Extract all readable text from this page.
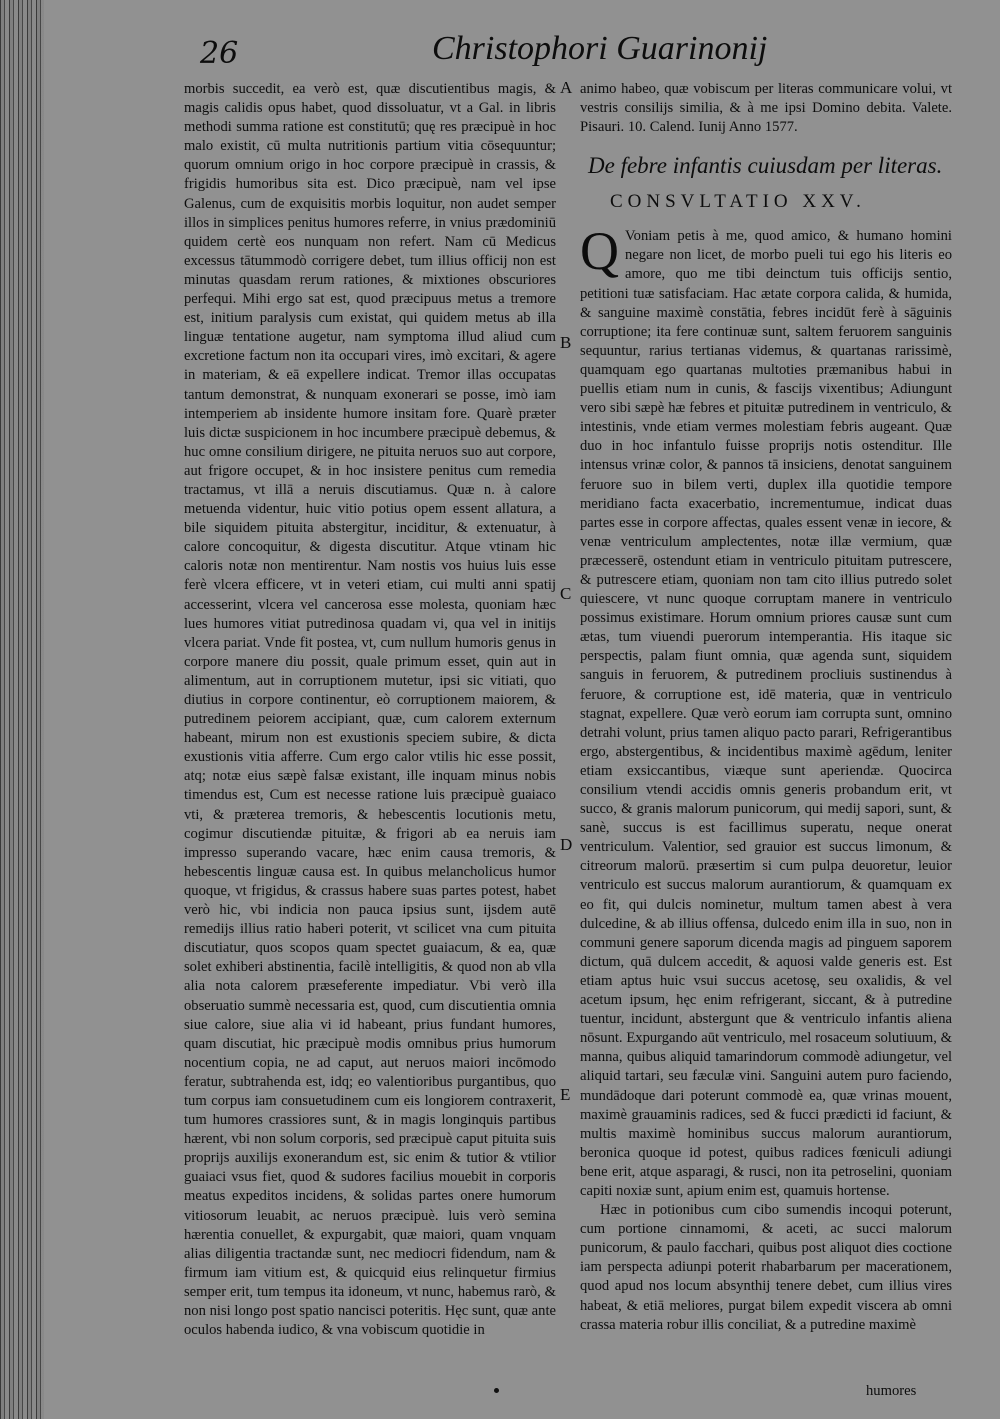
26	Christophori Guarinonij
morbis succedit, ea verò est, quæ discutientibus magis, & magis calidis opus habet, quod dissoluatur, vt a Gal. in libris methodi summa ratione est constitutū; quę res præcipuè in hoc malo existit, cū multa nutritionis partium vitia cōsequuntur; quorum omnium origo in hoc corpore præcipuè in crassis, & frigidis humoribus sita est. Dico præcipuè, nam vel ipse Galenus, cum de exquisitis morbis loquitur, non audet semper illos in simplices penitus humores referre, in vnius prædominiū quidem certè eos nunquam non refert. Nam cū Medicus excessus tātummodò corrigere debet, tum illius officij non est minutas quasdam rerum rationes, & mixtiones obscuriores perfequi. Mihi ergo sat est, quod præcipuus metus a tremore est, initium paralysis cum existat, qui quidem metus ab illa linguæ tentatione augetur, nam symptoma illud aliud cum excretione factum non ita occupari vires, imò excitari, & agere in materiam, & eā expellere indicat. Tremor illas occupatas tantum demonstrat, & nunquam exonerari se posse, imò iam intemperiem ab insidente humore insitam fore. Quarè præter luis dictæ suspicionem in hoc incumbere præcipuè debemus, & huc omne consilium dirigere, ne pituita neruos suo aut corpore, aut frigore occupet, & in hoc insistere penitus cum remedia tractamus, vt illā a neruis discutiamus. Quæ n. à calore metuenda videntur, huic vitio potius opem essent allatura, a bile siquidem pituita abstergitur, inciditur, & extenuatur, à calore concoquitur, & digesta discutitur. Atque vtinam hic caloris notæ non mentirentur. Nam nostis vos huius luis esse ferè vlcera efficere, vt in veteri etiam, cui multi anni spatij accesserint, vlcera vel cancerosa esse molesta, quoniam hæc lues humores vitiat putredinosa quadam vi, qua vel in initijs vlcera pariat. Vnde fit postea, vt, cum nullum humoris genus in corpore manere diu possit, quale primum esset, quin aut in alimentum, aut in corruptionem mutetur, ipsi sic vitiati, quo diutius in corpore continentur, eò corruptionem maiorem, & putredinem peiorem accipiant, quæ, cum calorem externum habeant, mirum non est exustionis speciem subire, & dicta exustionis vitia afferre. Cum ergo calor vtilis hic esse possit, atq; notæ eius sæpè falsæ existant, ille inquam minus nobis timendus est, Cum est necesse ratione luis præcipuè guaiaco vti, & præterea tremoris, & hebescentis locutionis metu, cogimur discutiendæ pituitæ, & frigori ab ea neruis iam impresso superando vacare, hæc enim causa tremoris, & hebescentis linguæ causa est. In quibus melancholicus humor quoque, vt frigidus, & crassus habere suas partes potest, habet verò hic, vbi indicia non pauca ipsius sunt, ijsdem autē remedijs illius ratio haberi poterit, vt scilicet vna cum pituita discutiatur, quos scopos quam spectet guaiacum, & ea, quæ solet exhiberi abstinentia, facilè intelligitis, & quod non ab vlla alia nota calorem præseferente impediatur. Vbi verò illa obseruatio summè necessaria est, quod, cum discutientia omnia siue calore, siue alia vi id habeant, prius fundant humores, quam discutiat, hic præcipuè modis omnibus prius humorum nocentium copia, ne ad caput, aut neruos maiori incōmodo feratur, subtrahenda est, idq; eo valentioribus purgantibus, quo tum corpus iam consuetudinem cum eis longiorem contraxerit, tum humores crassiores sunt, & in magis longinquis partibus hærent, vbi non solum corporis, sed præcipuè caput pituita suis proprijs auxilijs exonerandum est, sic enim & tutior & vtilior guaiaci vsus fiet, quod & sudores facilius mouebit in corporis meatus expeditos incidens, & solidas partes onere humorum vitiosorum leuabit, ac neruos præcipuè. luis verò semina hærentia conuellet, & expurgabit, quæ maiori, quam vnquam alias diligentia tractandæ sunt, nec mediocri fidendum, nam & firmum iam vitium est, & quicquid eius relinquetur firmius semper erit, tum tempus ita idoneum, vt nunc, habemus rarò, & non nisi longo post spatio nancisci poteritis. Hęc sunt, quæ ante oculos habenda iudico, & vna vobiscum quotidie in
A
B
C
D
E

animo habeo, quæ vobiscum per literas communicare volui, vt vestris consilijs similia, & à me ipsi Domino debita. Valete. Pisauri. 10. Calend. Iunij Anno 1577.

De febre infantis cuiusdam per literas.
CONSVLTATIO XXV.

Q Voniam petis à me, quod amico, & humano homini negare non licet, de morbo pueli tui ego his literis eo amore, quo me tibi deinctum tuis officijs sentio, petitioni tuæ satisfaciam. Hac ætate corpora calida, & humida, & sanguine maximè constātia, febres incidūt ferè à sāguinis corruptione; ita fere continuæ sunt, saltem feruorem sanguinis sequuntur, rarius tertianas videmus, & quartanas rarissimè, quamquam ego quartanas multoties præmanibus habui in puellis etiam num in cunis, & fascijs vixentibus; Adiungunt vero sibi sæpè hæ febres et pituitæ putredinem in ventriculo, & intestinis, vnde etiam vermes molestiam febris augeant. Quæ duo in hoc infantulo fuisse proprijs notis ostenditur. Ille intensus vrinæ color, & pannos tā insiciens, denotat sanguinem feruore suo in bilem verti, duplex illa quotidie tempore meridiano facta exacerbatio, incrementumue, indicat duas partes esse in corpore affectas, quales essent venæ in iecore, & venæ ventriculum amplectentes, notæ illæ vermium, quæ præcesserē, ostendunt etiam in ventriculo pituitam putrescere, & putrescere etiam, quoniam non tam cito illius putredo solet quiescere, vt nunc quoque corruptam manere in ventriculo possimus existimare. Horum omnium priores causæ sunt cum ætas, tum viuendi puerorum intemperantia. His itaque sic perspectis, palam fiunt omnia, quæ agenda sunt, siquidem sanguis in feruorem, & putredinem procliuis sustinendus à feruore, & corruptione est, idē materia, quæ in ventriculo stagnat, expellere. Quæ verò eorum iam corrupta sunt, omnino detrahi volunt, prius tamen aliquo pacto parari, Refrigerantibus ergo, abstergentibus, & incidentibus maximè agēdum, leniter etiam exsiccantibus, viæque sunt aperiendæ. Quocirca consilium vtendi accidis omnis generis probandum erit, vt succo, & granis malorum punicorum, qui medij sapori, sunt, & sanè, succus is est facillimus superatu, neque onerat ventriculum. Valentior, sed grauior est succus limonum, & citreorum malorū. præsertim si cum pulpa deuoretur, leuior ventriculo est succus malorum aurantiorum, & quamquam ex eo fit, qui dulcis nominetur, multum tamen abest à vera dulcedine, & ab illius offensa, dulcedo enim illa in suo, non in communi genere saporum dicenda magis ad pinguem saporem dictum, quā dulcem accedit, & aquosi valde generis est. Est etiam aptus huic vsui succus acetosę, seu oxalidis, & vel acetum ipsum, hęc enim refrigerant, siccant, & à putredine tuentur, incidunt, abstergunt que & ventriculo infantis aliena nōsunt. Expurgando aūt ventriculo, mel rosaceum solutiuum, & manna, quibus aliquid tamarindorum commodè adiungetur, vel aliquid tartari, seu fæculæ vini. Sanguini autem puro faciendo, mundādoque dari poterunt commodè ea, quæ vrinas mouent, maximè grauaminis radices, sed & fucci prædicti id faciunt, & multis maximè hominibus succus malorum aurantiorum, beronica quoque id potest, quibus radices fœniculi adiungi bene erit, atque asparagi, & rusci, non ita petroselini, quoniam capiti noxiæ sunt, apium enim est, quamuis hortense.

Hæc in potionibus cum cibo sumendis incoqui poterunt, cum portione cinnamomi, & aceti, ac succi malorum punicorum, & paulo facchari, quibus post aliquot dies coctione iam perspecta adiunpi poterit rhabarbarum per macerationem, quod apud nos locum absynthij tenere debet, cum illius vires habeat, & etiā meliores, purgat bilem expedit viscera ab omni crassa materia robur illis conciliat, & a putredine maximè

humores
